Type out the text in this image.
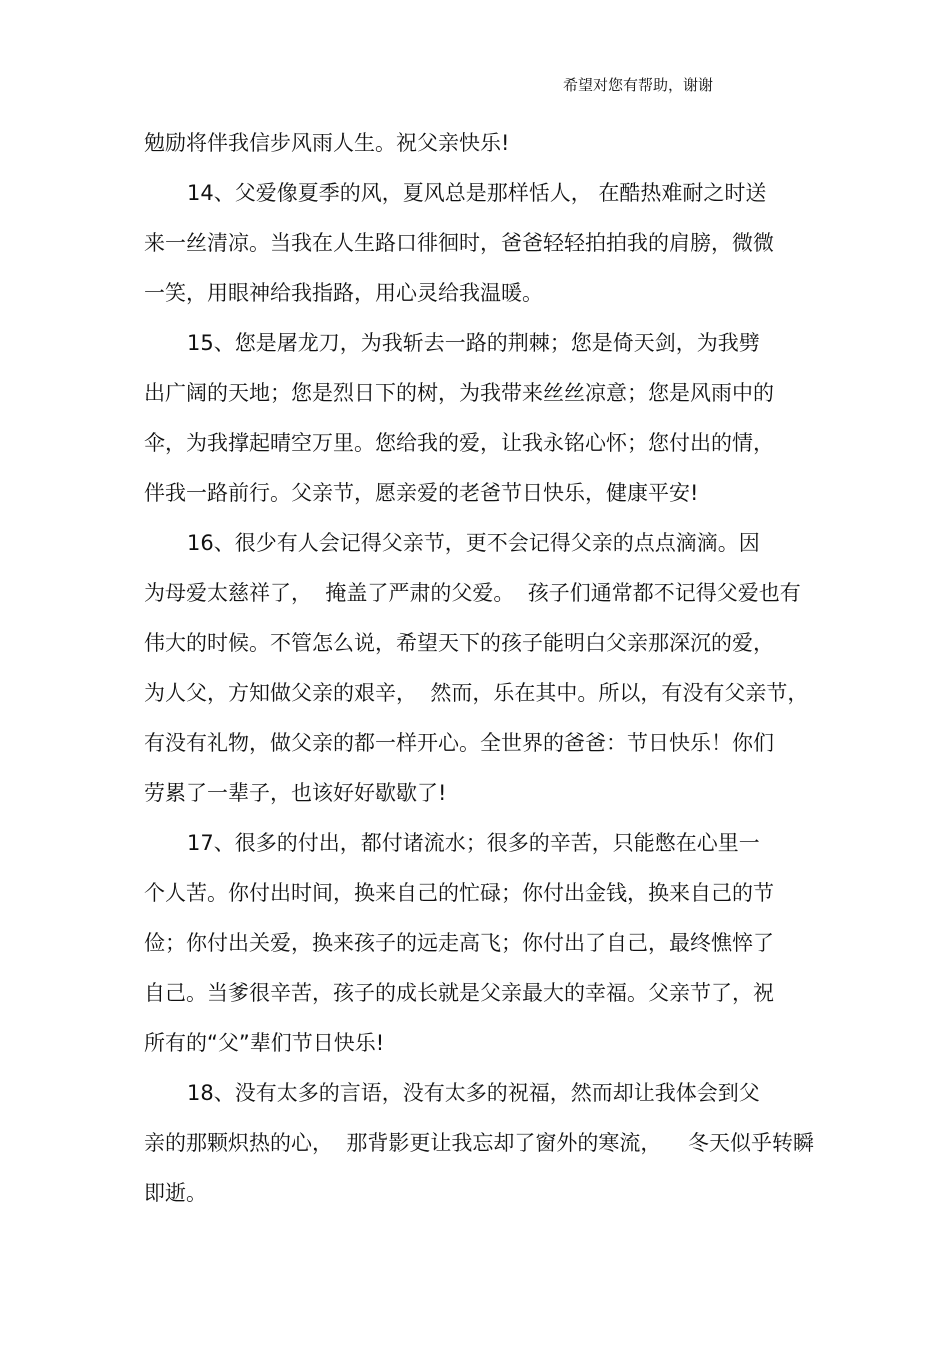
希望对您有帮助，谢谢
勉励将伴我信步风雨人生。祝父亲快乐!
14、父爱像夏季的风，夏风总是那样恬人， 在酷热难耐之时送
来一丝清凉。当我在人生路口徘徊时，爸爸轻轻拍拍我的肩膀，微微
一笑，用眼神给我指路，用心灵给我温暖。
15、您是屠龙刀，为我斩去一路的荆棘；您是倚天剑，为我劈
出广阔的天地；您是烈日下的树，为我带来丝丝凉意；您是风雨中的
伞，为我撑起晴空万里。您给我的爱，让我永铭心怀；您付出的情，
伴我一路前行。父亲节，愿亲爱的老爸节日快乐，健康平安!
16、很少有人会记得父亲节，更不会记得父亲的点点滴滴。因
为母爱太慈祥了，  掩盖了严肃的父爱。  孩子们通常都不记得父爱也有
伟大的时候。不管怎么说，希望天下的孩子能明白父亲那深沉的爱，
为人父，方知做父亲的艰辛，  然而，乐在其中。所以，有没有父亲节，
有没有礼物，做父亲的都一样开心。全世界的爸爸：节日快乐！你们
劳累了一辈子，也该好好歇歇了!
17、很多的付出，都付诸流水；很多的辛苦，只能憋在心里一
个人苦。你付出时间，换来自己的忙碌；你付出金钱，换来自己的节
俭；你付出关爱，换来孩子的远走高飞；你付出了自己，最终憔悴了
自己。当爹很辛苦，孩子的成长就是父亲最大的幸福。父亲节了，祝
所有的“父”辈们节日快乐!
18、没有太多的言语，没有太多的祝福，然而却让我体会到父
亲的那颗炽热的心，  那背影更让我忘却了窗外的寒流，    冬天似乎转瞬
即逝。
